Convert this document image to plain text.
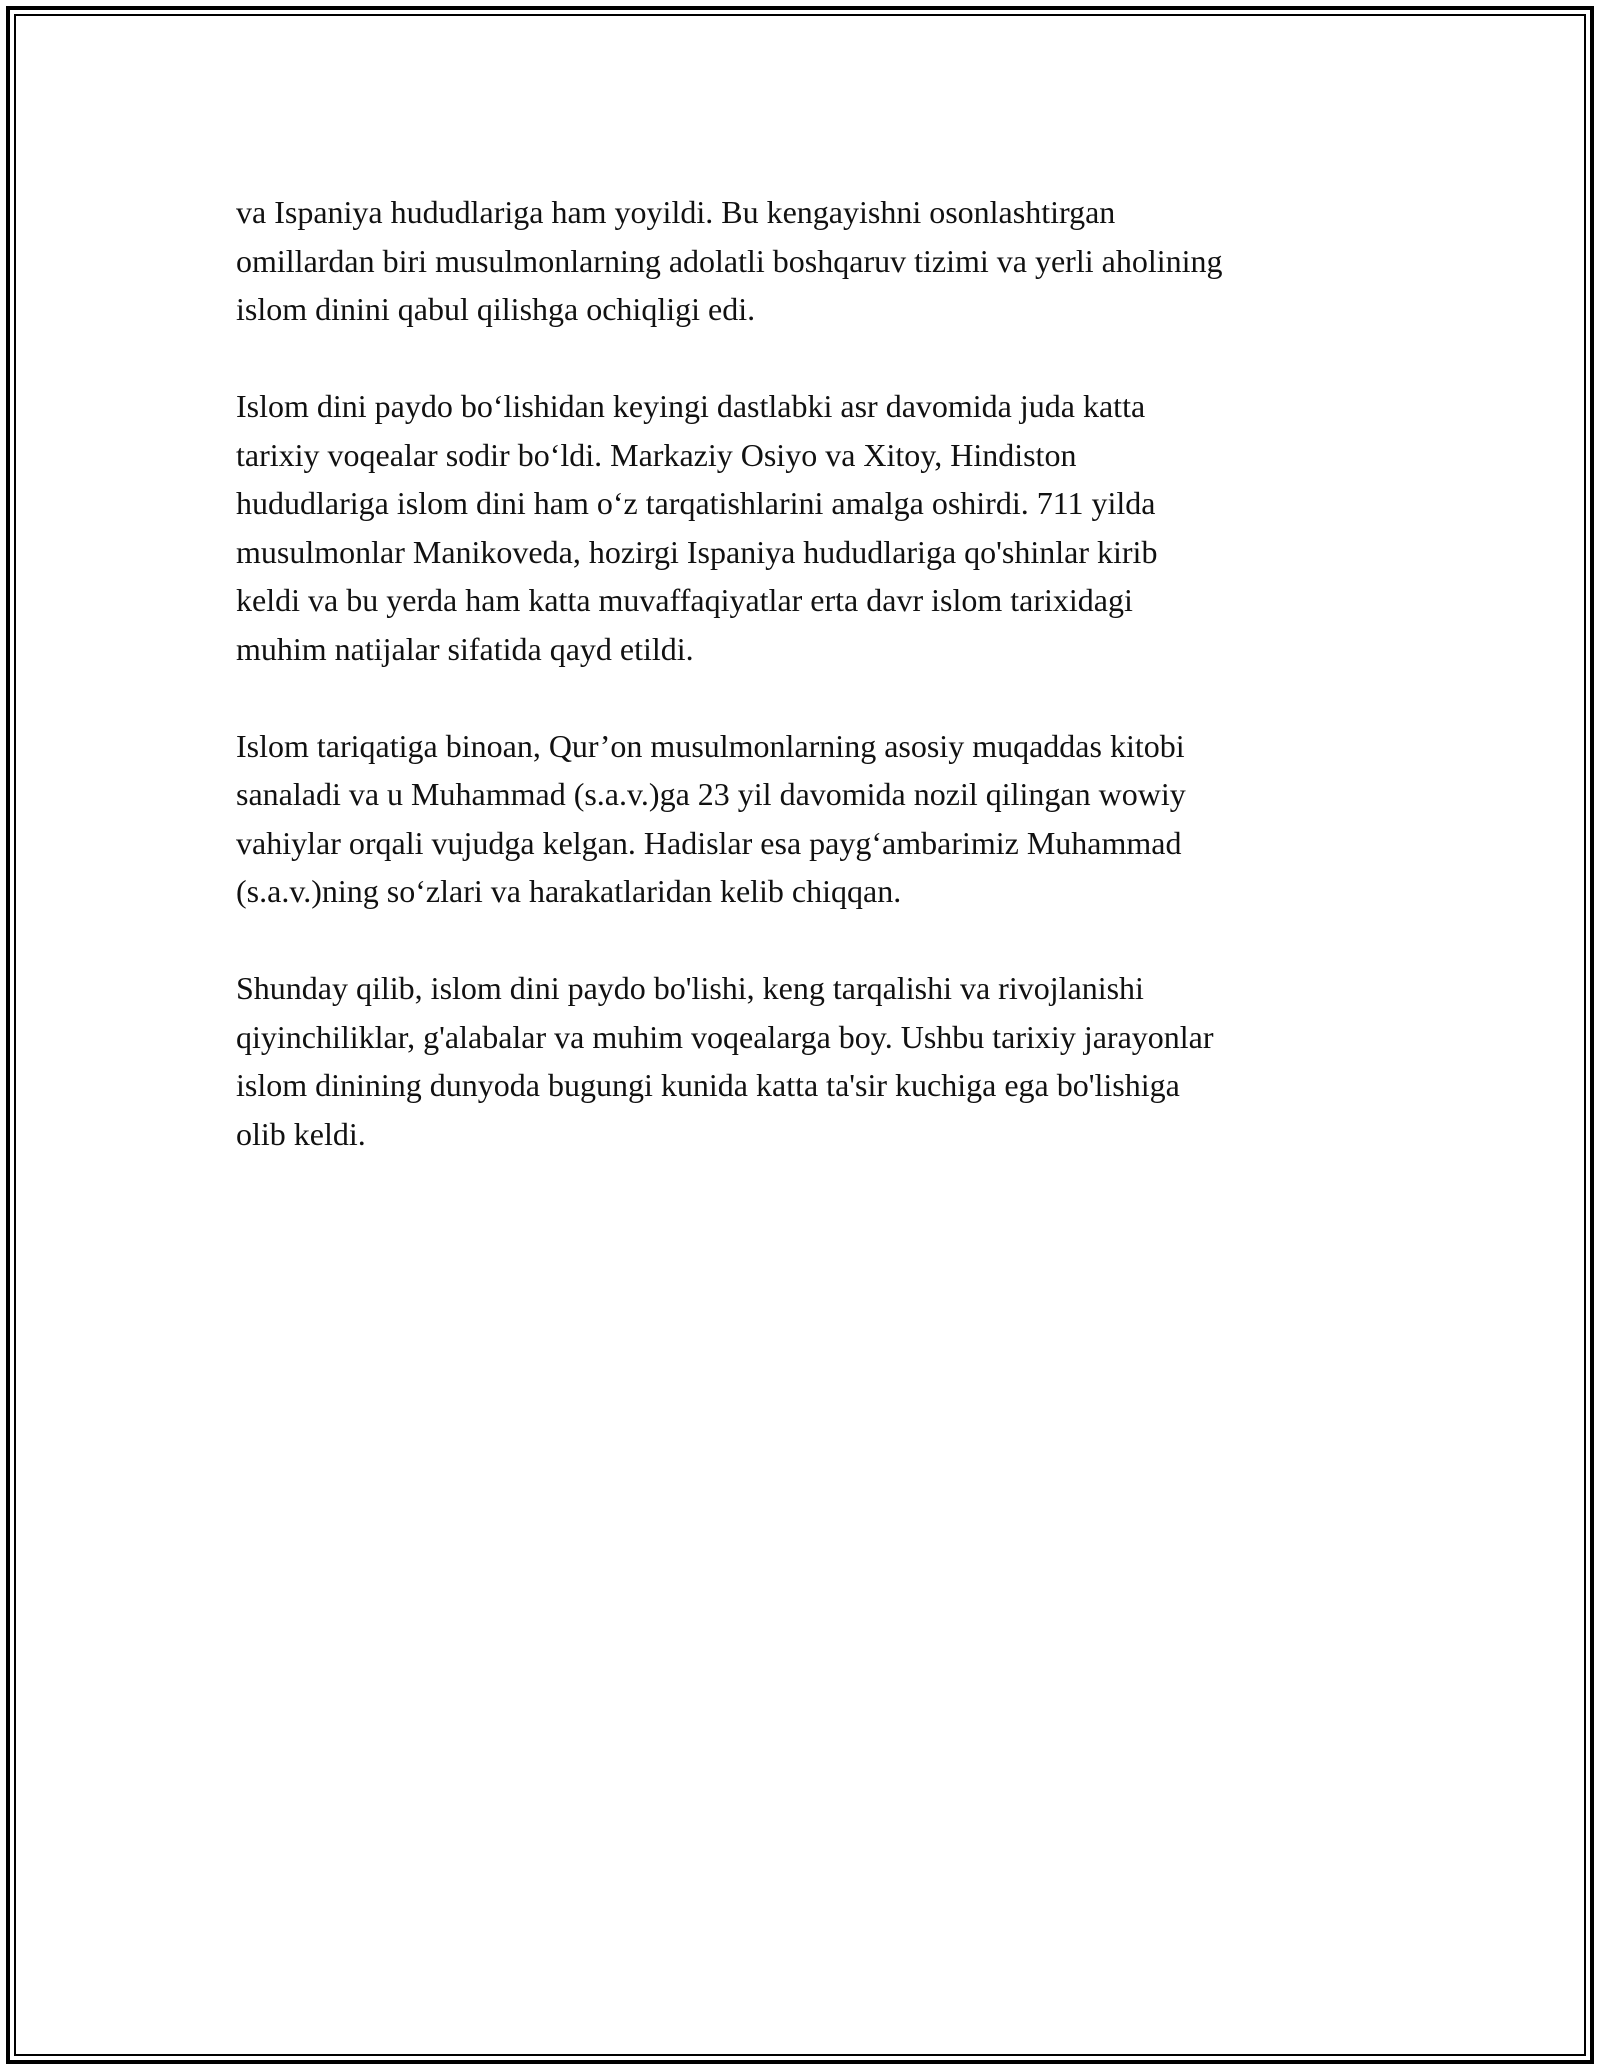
va Ispaniya hududlariga ham yoyildi. Bu kengayishni osonlashtirgan
omillardan biri musulmonlarning adolatli boshqaruv tizimi va yerli aholining
islom dinini qabul qilishga ochiqligi edi.

Islom dini paydo bo‘lishidan keyingi dastlabki asr davomida juda katta
tarixiy voqealar sodir bo‘ldi. Markaziy Osiyo va Xitoy, Hindiston
hududlariga islom dini ham o‘z tarqatishlarini amalga oshirdi. 711 yilda
musulmonlar Manikoveda, hozirgi Ispaniya hududlariga qo'shinlar kirib
keldi va bu yerda ham katta muvaffaqiyatlar erta davr islom tarixidagi
muhim natijalar sifatida qayd etildi.

Islom tariqatiga binoan, Qur’on musulmonlarning asosiy muqaddas kitobi
sanaladi va u Muhammad (s.a.v.)ga 23 yil davomida nozil qilingan wowiy
vahiylar orqali vujudga kelgan. Hadislar esa payg‘ambarimiz Muhammad
(s.a.v.)ning so‘zlari va harakatlaridan kelib chiqqan.

Shunday qilib, islom dini paydo bo'lishi, keng tarqalishi va rivojlanishi
qiyinchiliklar, g'alabalar va muhim voqealarga boy. Ushbu tarixiy jarayonlar
islom dinining dunyoda bugungi kunida katta ta'sir kuchiga ega bo'lishiga
olib keldi.
